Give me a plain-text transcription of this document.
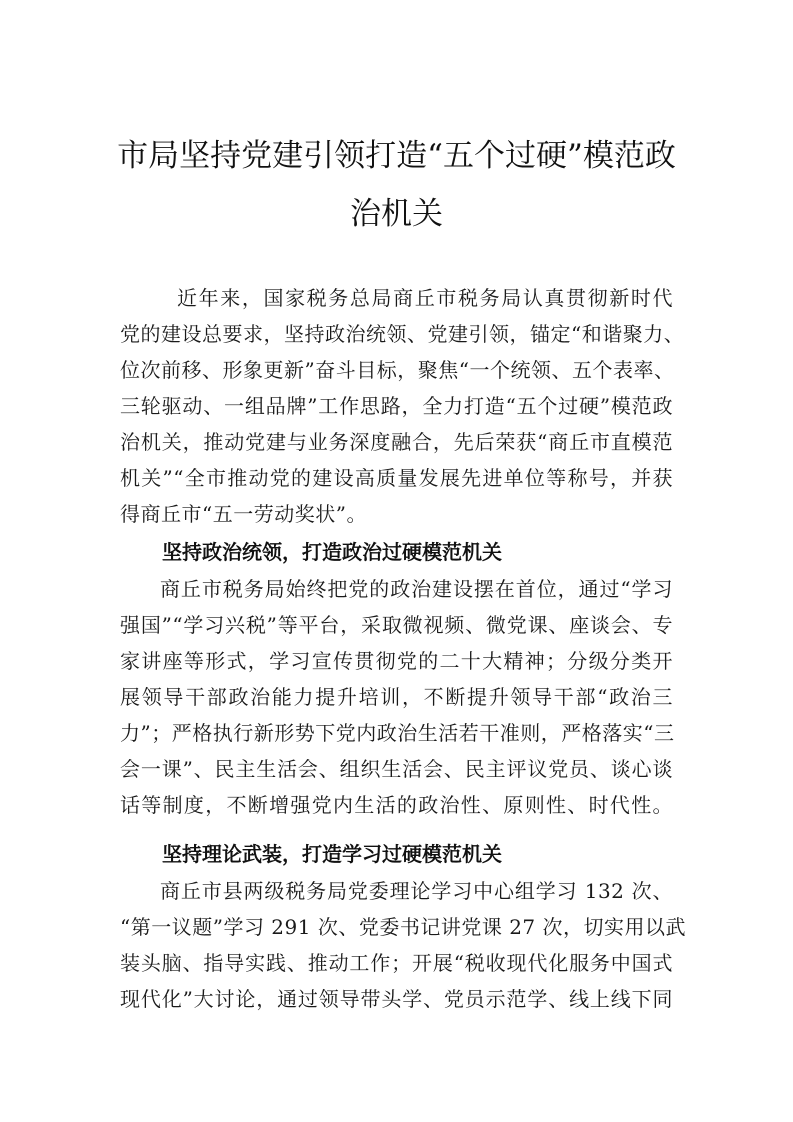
市局坚持党建引领打造“五个过硬”模范政
治机关
近年来，国家税务总局商丘市税务局认真贯彻新时代
党的建设总要求，坚持政治统领、党建引领，锚定“和谐聚力、
位次前移、形象更新”奋斗目标，聚焦“一个统领、五个表率、
三轮驱动、一组品牌”工作思路，全力打造“五个过硬”模范政
治机关，推动党建与业务深度融合，先后荣获“商丘市直模范
机关”“全市推动党的建设高质量发展先进单位等称号，并获
得商丘市“五一劳动奖状”。
坚持政治统领，打造政治过硬模范机关
商丘市税务局始终把党的政治建设摆在首位，通过“学习
强国”“学习兴税”等平台，采取微视频、微党课、座谈会、专
家讲座等形式，学习宣传贯彻党的二十大精神；分级分类开
展领导干部政治能力提升培训，不断提升领导干部“政治三
力”；严格执行新形势下党内政治生活若干准则，严格落实“三
会一课”、民主生活会、组织生活会、民主评议党员、谈心谈
话等制度，不断增强党内生活的政治性、原则性、时代性。
坚持理论武装，打造学习过硬模范机关
商丘市县两级税务局党委理论学习中心组学习 132 次、
“第一议题”学习 291 次、党委书记讲党课 27 次，切实用以武
装头脑、指导实践、推动工作；开展“税收现代化服务中国式
现代化”大讨论，通过领导带头学、党员示范学、线上线下同
